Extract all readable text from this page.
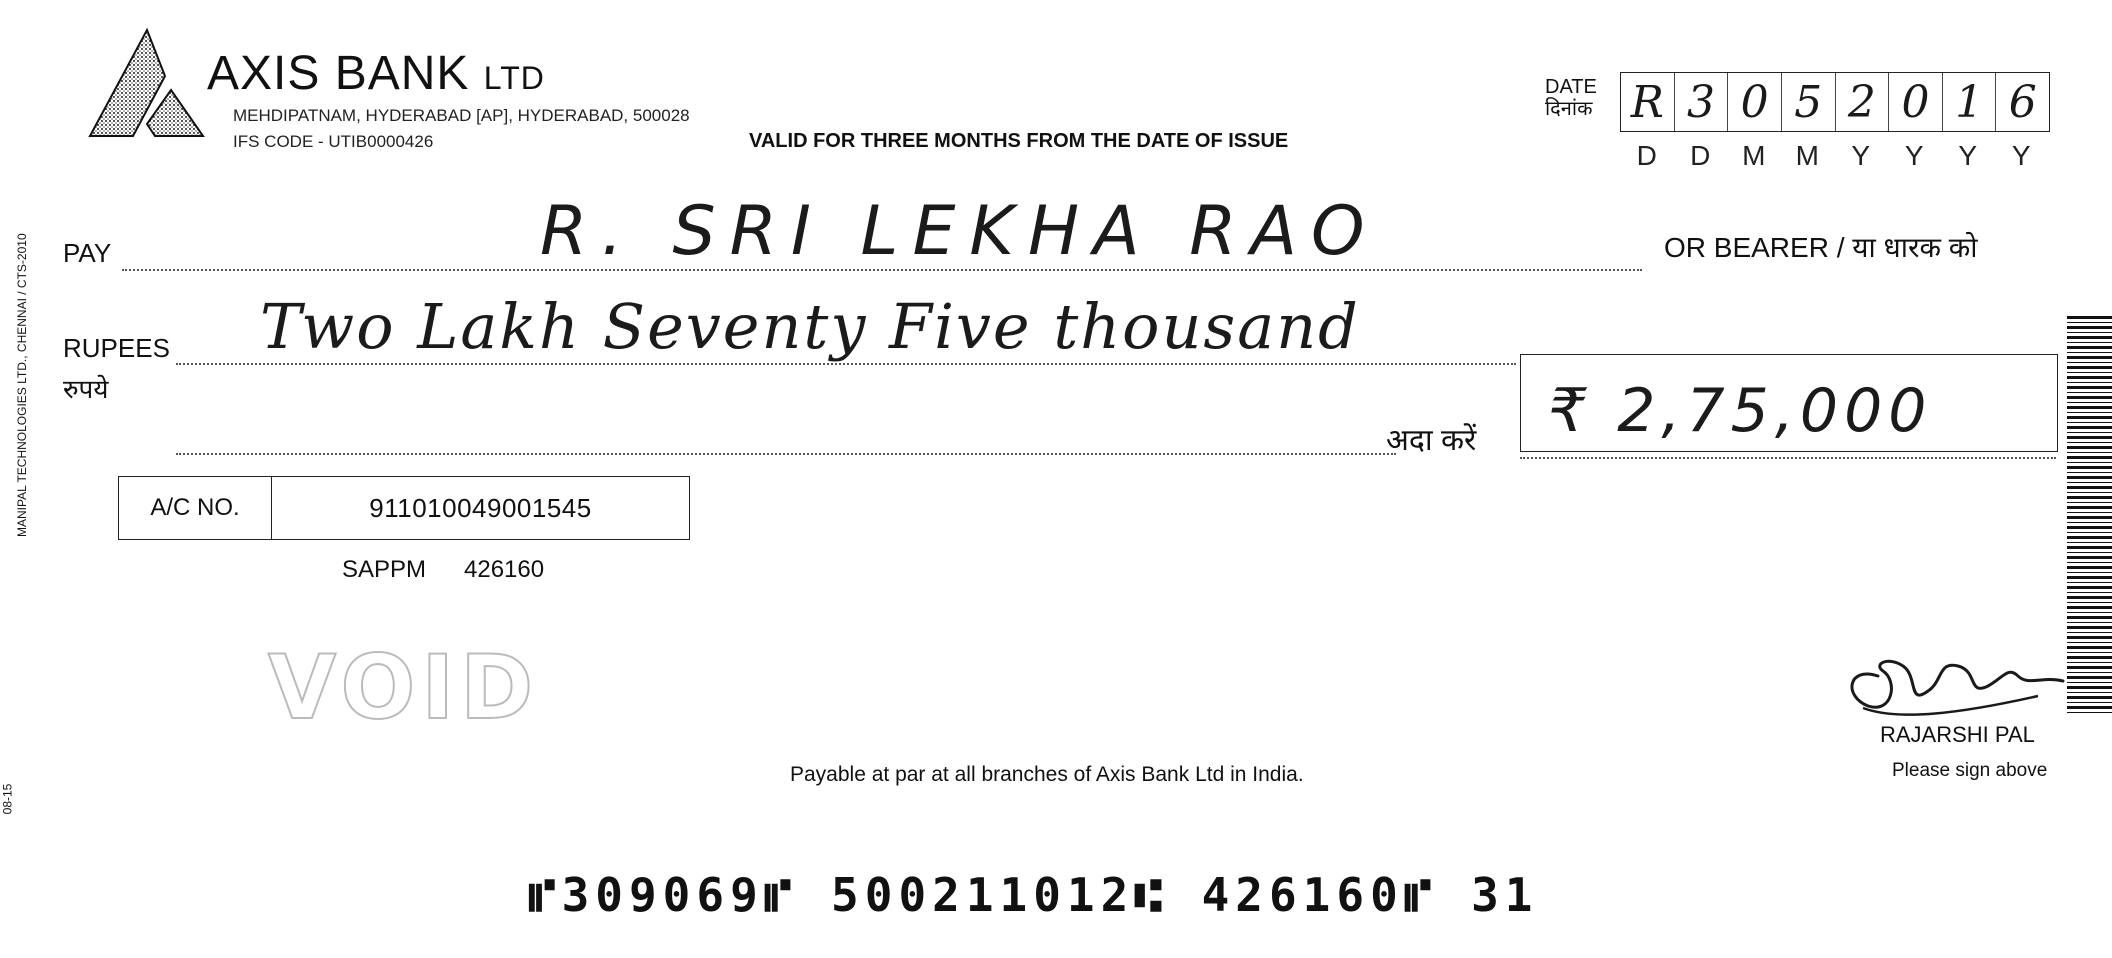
AXIS BANK LTD
MEHDIPATNAM, HYDERABAD [AP], HYDERABAD, 500028
IFS CODE - UTIB0000426	VALID FOR THREE MONTHS FROM THE DATE OF ISSUE
DATE
दिनांक R 3 0 5 2 0 1 6
D	D	M	M	Y	Y	Y	Y
MANIPAL TECHNOLOGIES LTD., CHENNAI / CTS-2010
08-15
PAY	R. SRI LEKHA RAO	OR BEARER / या धारक को
RUPEES
रुपये
Two Lakh Seventy Five thousand
अदा करें ₹ 2,75,000
A/C NO.	911010049001545
SAPPM 426160
VOID	RAJARSHI PAL
Please sign above
Payable at par at all branches of Axis Bank Ltd in India.
⑈309069⑈ 500211012⑆ 426160⑈ 31
